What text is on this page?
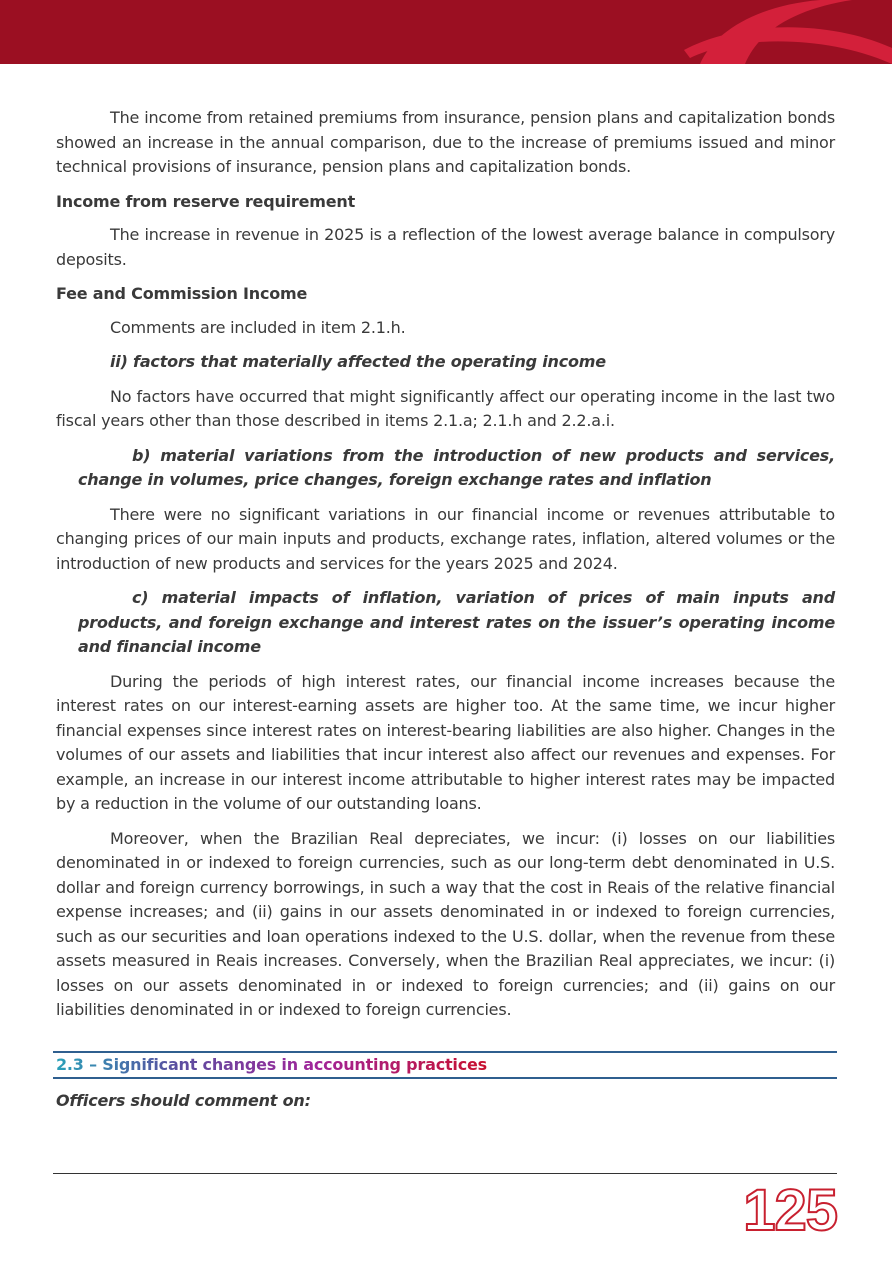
The income from retained premiums from insurance, pension plans and capitalization bonds showed an increase in the annual comparison, due to the increase of premiums issued and minor technical provisions of insurance, pension plans and capitalization bonds.

Income from reserve requirement

The increase in revenue in 2025 is a reflection of the lowest average balance in compulsory deposits.

Fee and Commission Income

Comments are included in item 2.1.h.

ii) factors that materially affected the operating income

No factors have occurred that might significantly affect our operating income in the last two fiscal years other than those described in items 2.1.a; 2.1.h and 2.2.a.i.

b) material variations from the introduction of new products and services, change in volumes, price changes, foreign exchange rates and inflation

There were no significant variations in our financial income or revenues attributable to changing prices of our main inputs and products, exchange rates, inflation, altered volumes or the introduction of new products and services for the years 2025 and 2024.

c) material impacts of inflation, variation of prices of main inputs and products, and foreign exchange and interest rates on the issuer’s operating income and financial income

During the periods of high interest rates, our financial income increases because the interest rates on our interest-earning assets are higher too. At the same time, we incur higher financial expenses since interest rates on interest-bearing liabilities are also higher. Changes in the volumes of our assets and liabilities that incur interest also affect our revenues and expenses. For example, an increase in our interest income attributable to higher interest rates may be impacted by a reduction in the volume of our outstanding loans.

Moreover, when the Brazilian Real depreciates, we incur: (i) losses on our liabilities denominated in or indexed to foreign currencies, such as our long-term debt denominated in U.S. dollar and foreign currency borrowings, in such a way that the cost in Reais of the relative financial expense increases; and (ii) gains in our assets denominated in or indexed to foreign currencies, such as our securities and loan operations indexed to the U.S. dollar, when the revenue from these assets measured in Reais increases. Conversely, when the Brazilian Real appreciates, we incur: (i) losses on our assets denominated in or indexed to foreign currencies; and (ii) gains on our liabilities denominated in or indexed to foreign currencies.

2.3 – Significant changes in accounting practices
Officers should comment on:
125
